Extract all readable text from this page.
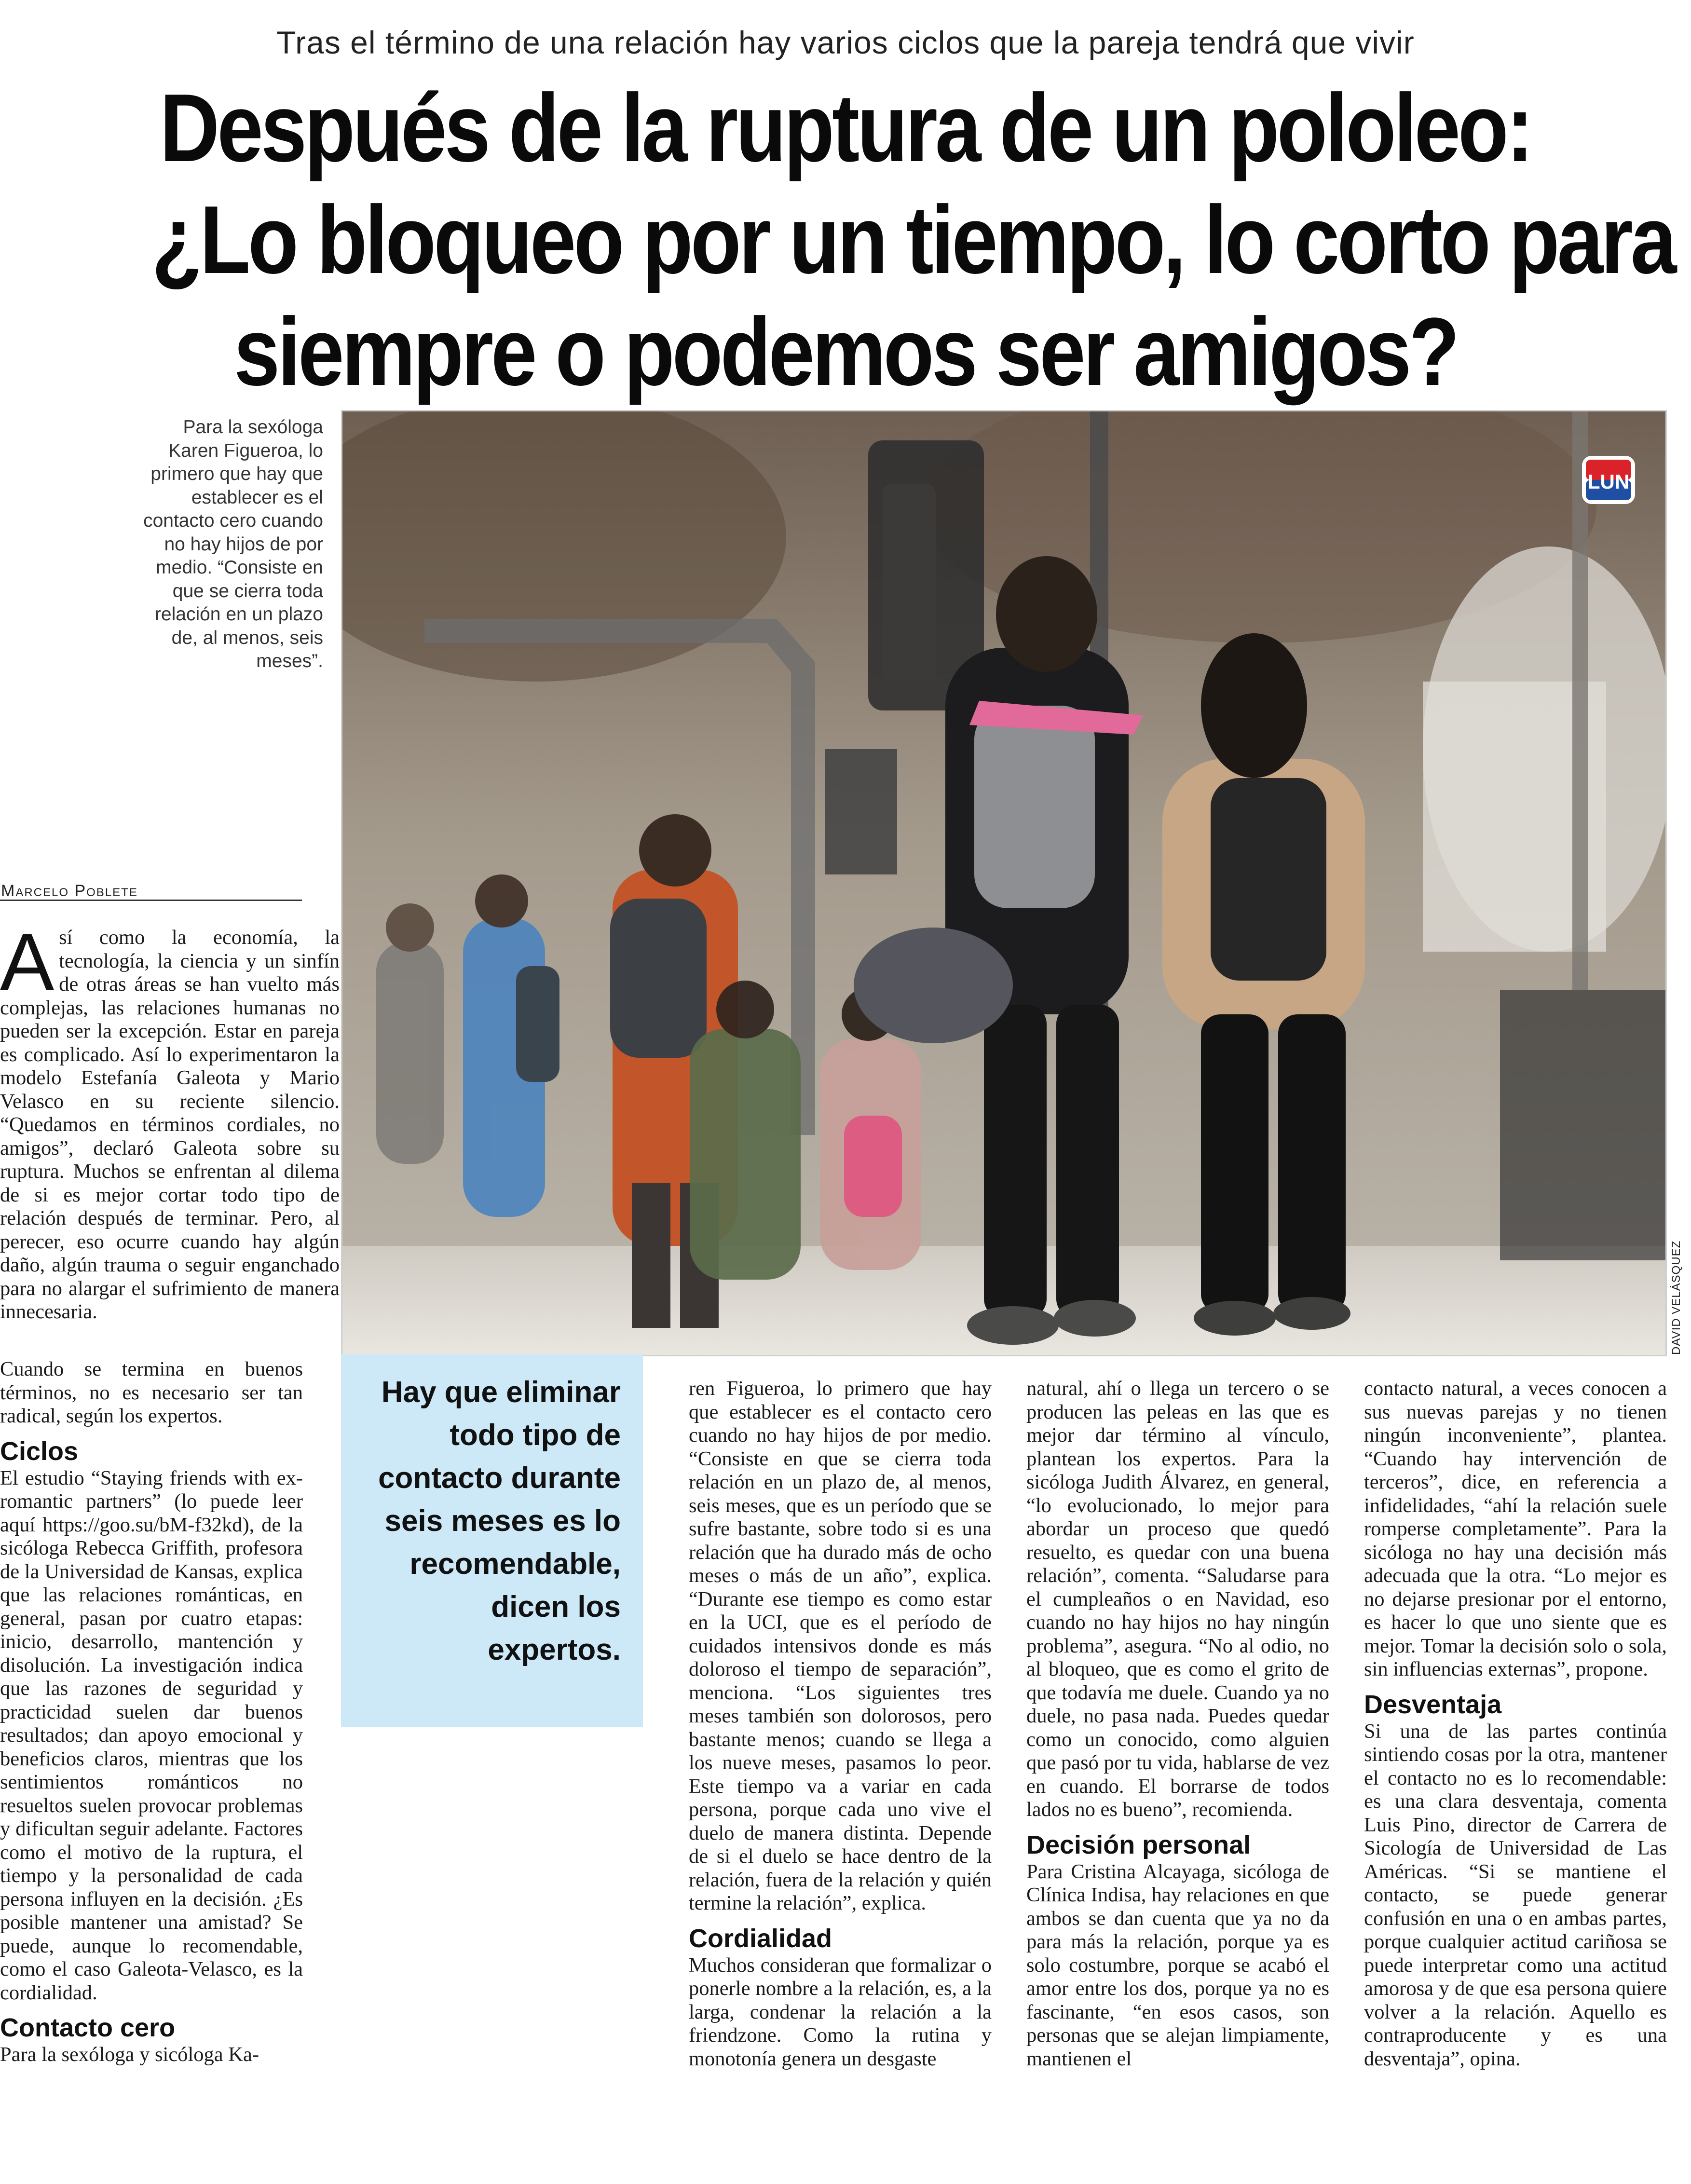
Tras el término de una relación hay varios ciclos que la pareja tendrá que vivir
Después de la ruptura de un pololeo:
¿Lo bloqueo por un tiempo, lo corto para
siempre o podemos ser amigos?
Para la sexóloga Karen Figueroa, lo primero que hay que establecer es el contacto cero cuando no hay hijos de por medio. “Consiste en que se cierra toda relación en un plazo de, al menos, seis meses”.
LUN
DAVID VELÁSQUEZ
Marcelo Poblete
Así como la economía, la tecnología, la ciencia y un sinfín de otras áreas se han vuelto más complejas, las relaciones humanas no pueden ser la excepción. Estar en pareja es complicado. Así lo experimentaron la modelo Estefanía Galeota y Mario Velasco en su reciente silencio. “Quedamos en términos cordiales, no amigos”, declaró Galeota sobre su ruptura. Muchos se enfrentan al dilema de si es mejor cortar todo tipo de relación después de terminar. Pero, al perecer, eso ocurre cuando hay algún daño, algún trauma o seguir enganchado para no alargar el sufrimiento de manera innecesaria.

Cuando se termina en buenos términos, no es necesario ser tan radical, según los expertos.

Ciclos

El estudio “Staying friends with ex-romantic partners” (lo puede leer aquí https://goo.su/bM-f32kd), de la sicóloga Rebecca Griffith, profesora de la Universidad de Kansas, explica que las relaciones románticas, en general, pasan por cuatro etapas: inicio, desarrollo, mantención y disolución. La investigación indica que las razones de seguridad y practicidad suelen dar buenos resultados; dan apoyo emocional y beneficios claros, mientras que los sentimientos románticos no resueltos suelen provocar problemas y dificultan seguir adelante. Factores como el motivo de la ruptura, el tiempo y la personalidad de cada persona influyen en la decisión. ¿Es posible mantener una amistad? Se puede, aunque lo recomendable, como el caso Galeota-Velasco, es la cordialidad.

Contacto cero

Para la sexóloga y sicóloga Ka-

Hay que eliminar todo tipo de contacto durante seis meses es lo recomendable, dicen los expertos.

ren Figueroa, lo primero que hay que establecer es el contacto cero cuando no hay hijos de por medio. “Consiste en que se cierra toda relación en un plazo de, al menos, seis meses, que es un período que se sufre bastante, sobre todo si es una relación que ha durado más de ocho meses o más de un año”, explica. “Durante ese tiempo es como estar en la UCI, que es el período de cuidados intensivos donde es más doloroso el tiempo de separación”, menciona. “Los siguientes tres meses también son dolorosos, pero bastante menos; cuando se llega a los nueve meses, pasamos lo peor. Este tiempo va a variar en cada persona, porque cada uno vive el duelo de manera distinta. Depende de si el duelo se hace dentro de la relación, fuera de la relación y quién termine la relación”, explica.

Cordialidad

Muchos consideran que formalizar o ponerle nombre a la relación, es, a la larga, condenar la relación a la friendzone. Como la rutina y monotonía genera un desgaste

natural, ahí o llega un tercero o se producen las peleas en las que es mejor dar término al vínculo, plantean los expertos. Para la sicóloga Judith Álvarez, en general, “lo evolucionado, lo mejor para abordar un proceso que quedó resuelto, es quedar con una buena relación”, comenta. “Saludarse para el cumpleaños o en Navidad, eso cuando no hay hijos no hay ningún problema”, asegura. “No al odio, no al bloqueo, que es como el grito de que todavía me duele. Cuando ya no duele, no pasa nada. Puedes quedar como un conocido, como alguien que pasó por tu vida, hablarse de vez en cuando. El borrarse de todos lados no es bueno”, recomienda.

Decisión personal

Para Cristina Alcayaga, sicóloga de Clínica Indisa, hay relaciones en que ambos se dan cuenta que ya no da para más la relación, porque ya es solo costumbre, porque se acabó el amor entre los dos, porque ya no es fascinante, “en esos casos, son personas que se alejan limpiamente, mantienen el

contacto natural, a veces conocen a sus nuevas parejas y no tienen ningún inconveniente”, plantea. “Cuando hay intervención de terceros”, dice, en referencia a infidelidades, “ahí la relación suele romperse completamente”. Para la sicóloga no hay una decisión más adecuada que la otra. “Lo mejor es no dejarse presionar por el entorno, es hacer lo que uno siente que es mejor. Tomar la decisión solo o sola, sin influencias externas”, propone.

Desventaja

Si una de las partes continúa sintiendo cosas por la otra, mantener el contacto no es lo recomendable: es una clara desventaja, comenta Luis Pino, director de Carrera de Sicología de Universidad de Las Américas. “Si se mantiene el contacto, se puede generar confusión en una o en ambas partes, porque cualquier actitud cariñosa se puede interpretar como una actitud amorosa y de que esa persona quiere volver a la relación. Aquello es contraproducente y es una desventaja”, opina.
